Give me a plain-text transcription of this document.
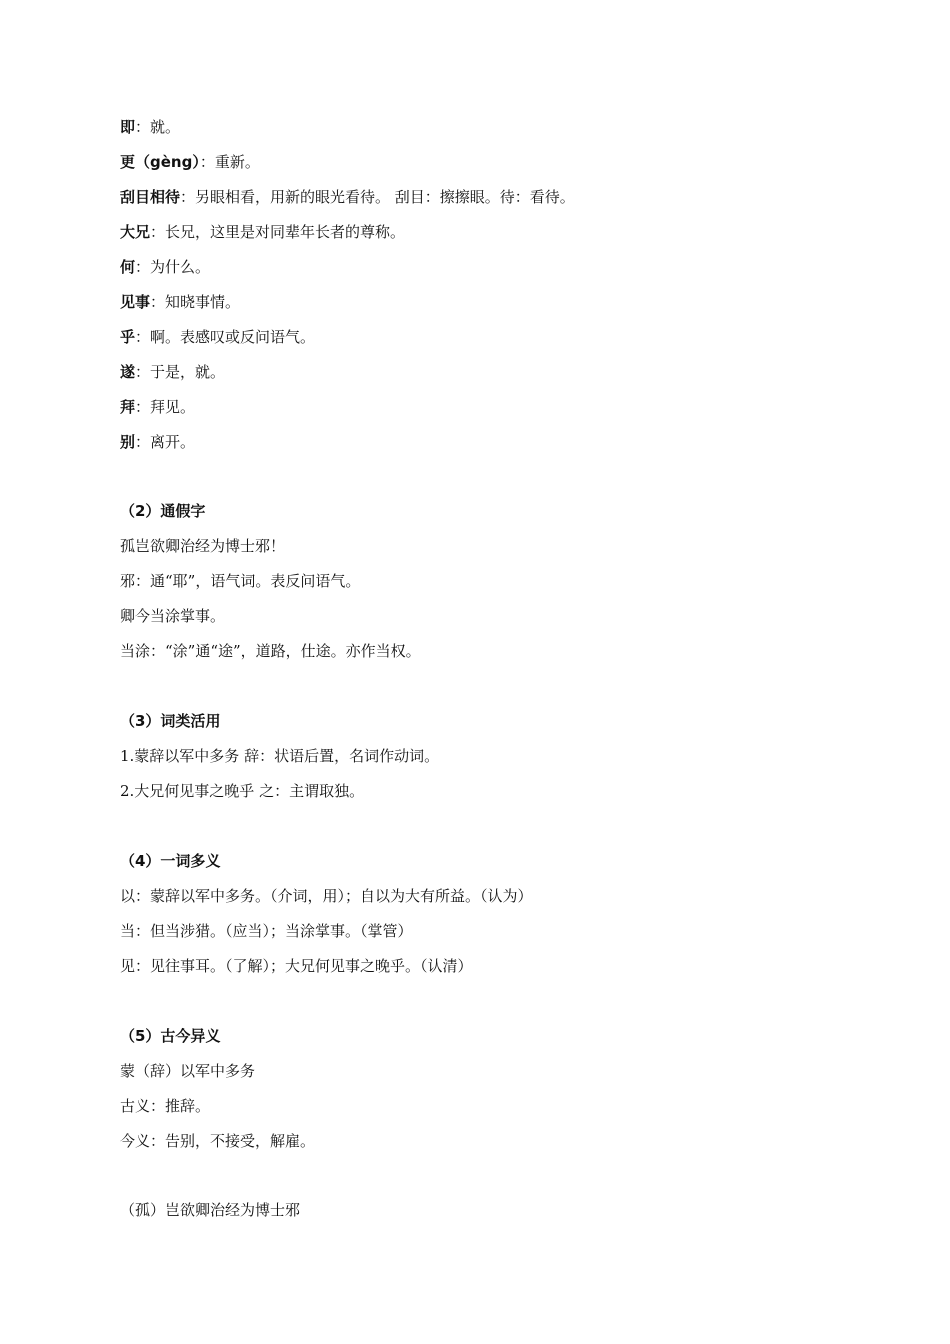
即：就。
更（gèng）：重新。
刮目相待：另眼相看，用新的眼光看待。 刮目：擦擦眼。待：看待。
大兄：长兄，这里是对同辈年长者的尊称。
何：为什么。
见事：知晓事情。
乎：啊。表感叹或反问语气。
遂：于是，就。
拜：拜见。
别：离开。
（2）通假字
孤岂欲卿治经为博士邪！
邪：通“耶”，语气词。表反问语气。
卿今当涂掌事。
当涂：“涂”通“途”，道路，仕途。亦作当权。
（3）词类活用
1.蒙辞以军中多务 辞：状语后置，名词作动词。
2.大兄何见事之晚乎 之：主谓取独。
（4）一词多义
以：蒙辞以军中多务。（介词，用）；自以为大有所益。（认为）
当：但当涉猎。（应当）；当涂掌事。（掌管）
见：见往事耳。（了解）；大兄何见事之晚乎。（认清）
（5）古今异义
蒙（辞）以军中多务
古义：推辞。
今义：告别，不接受，解雇。
（孤）岂欲卿治经为博士邪
